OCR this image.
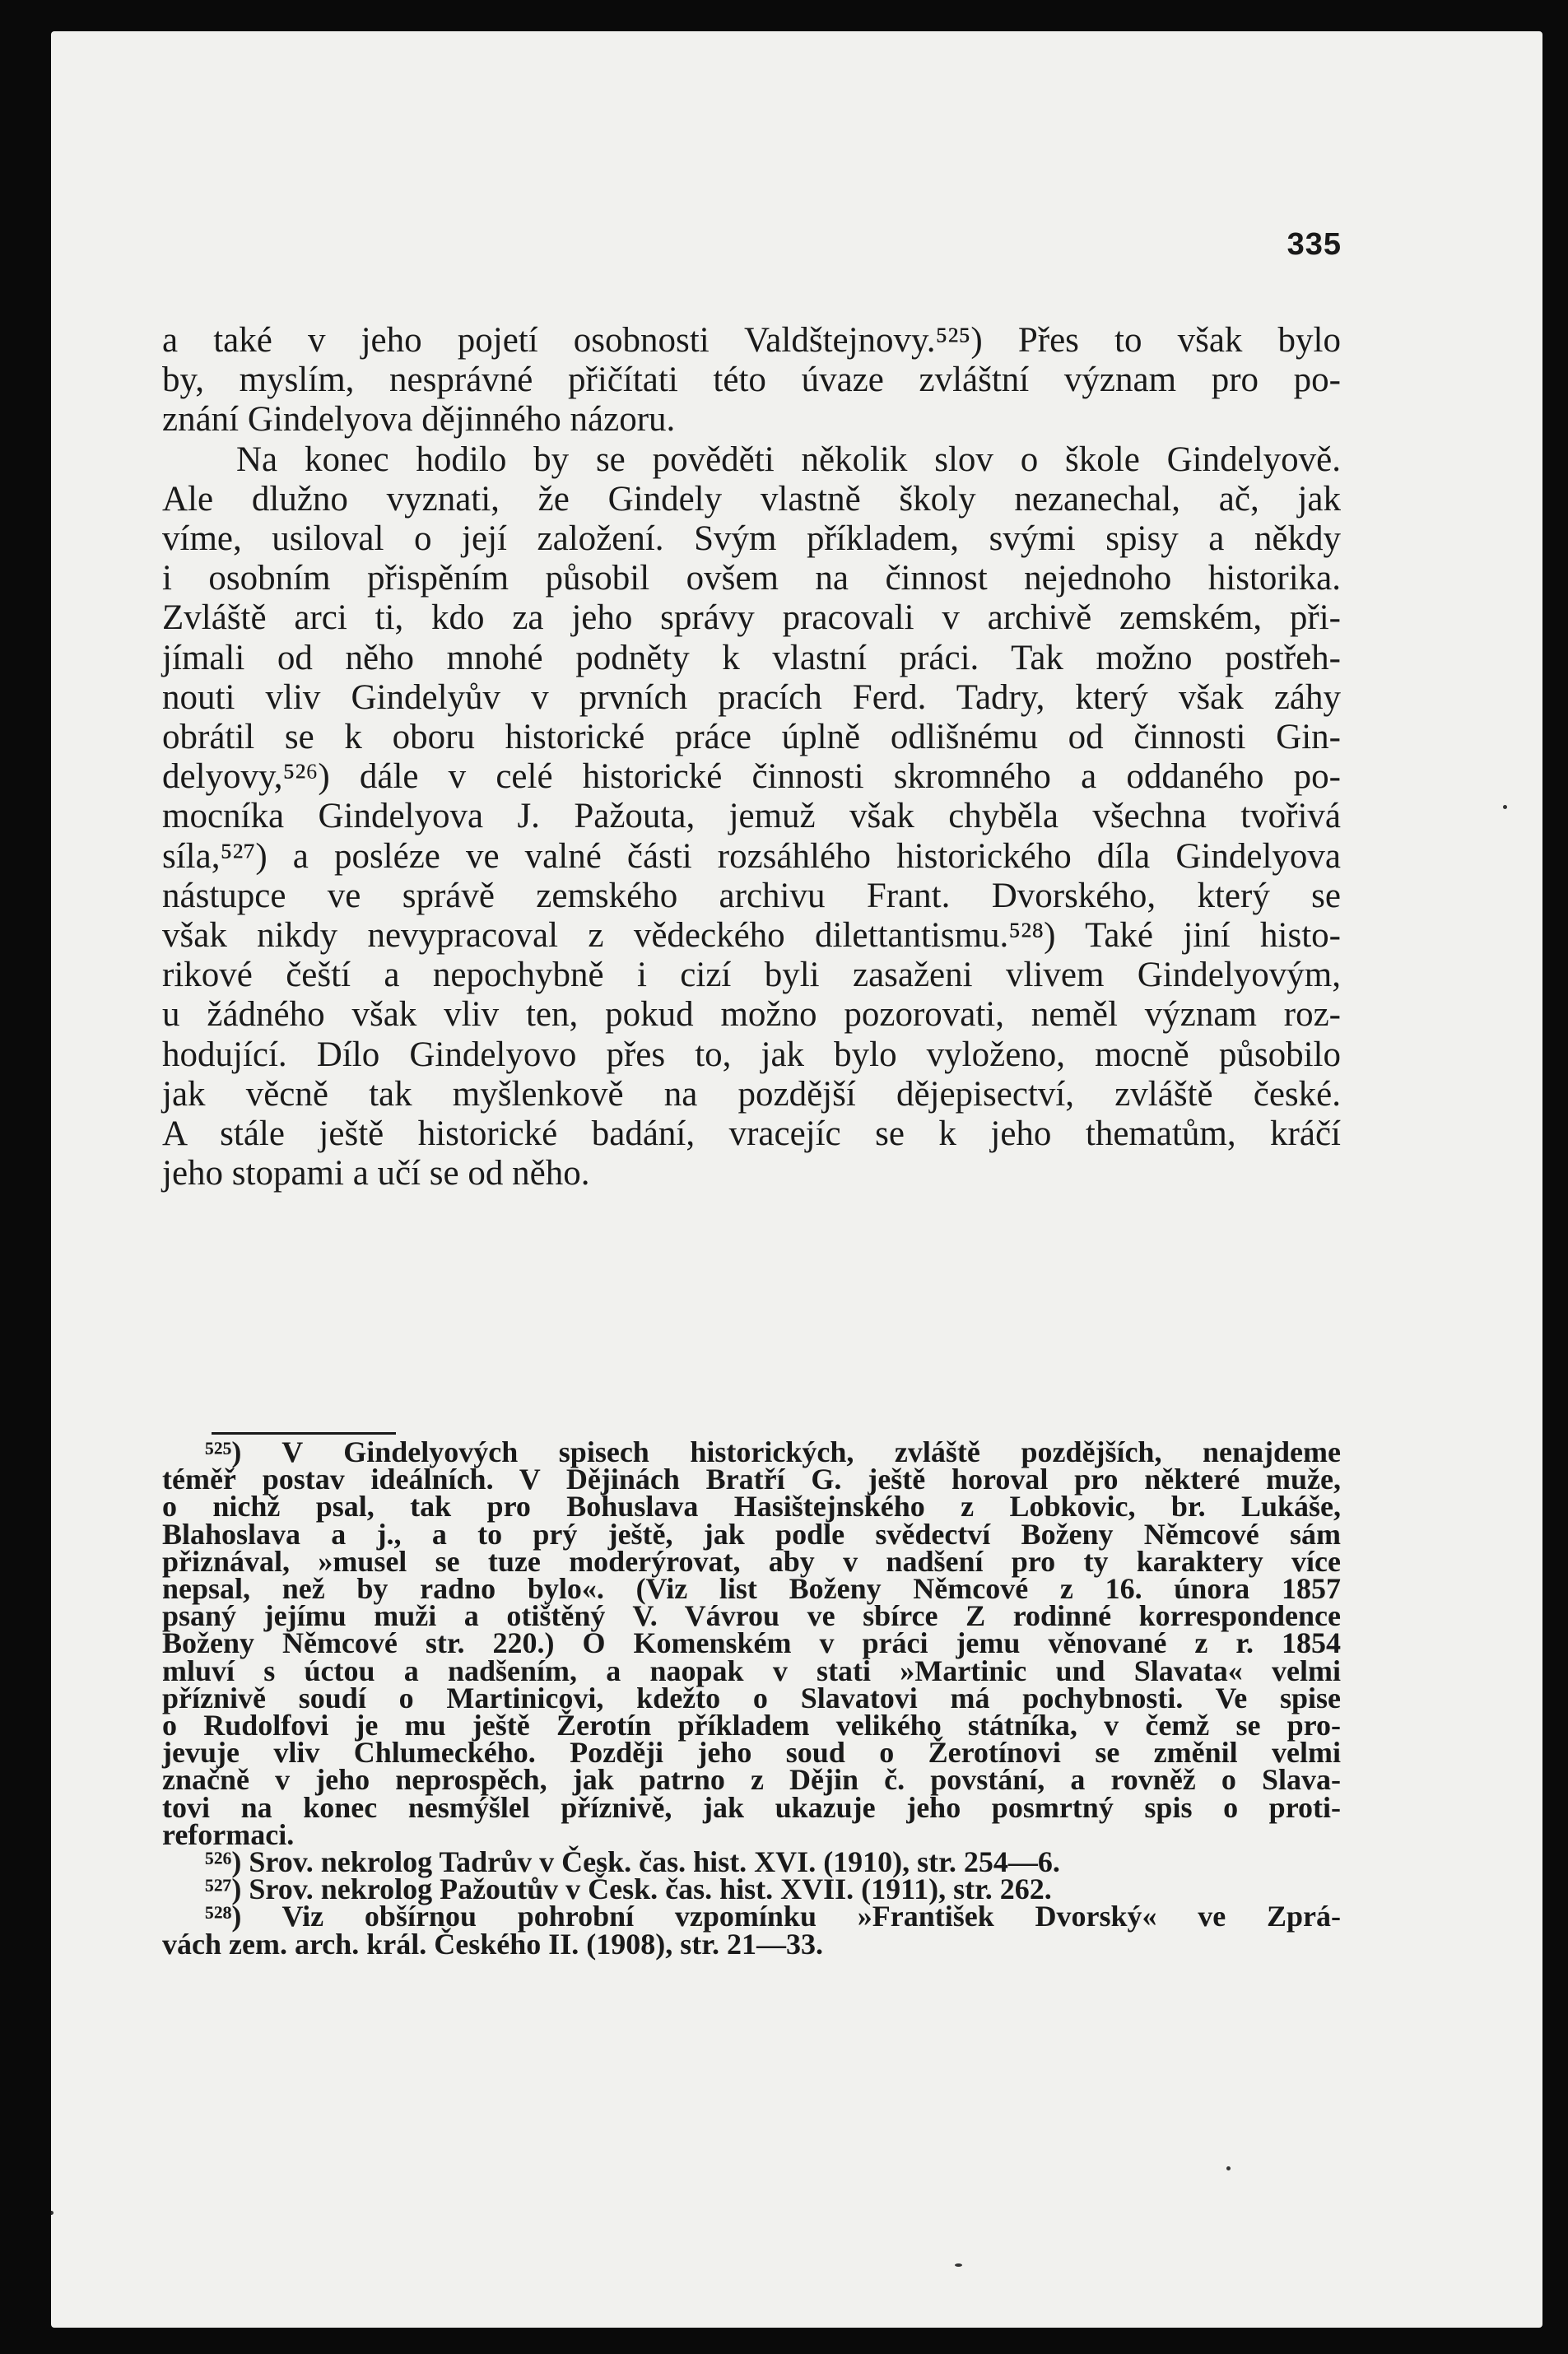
335
a také v jeho pojetí osobnosti Valdštejnovy.⁵²⁵) Přes to však bylo
by, myslím, nesprávné přičítati této úvaze zvláštní význam pro po-
znání Gindelyova dějinného názoru.
Na konec hodilo by se pověděti několik slov o škole Gindelyově.
Ale dlužno vyznati, že Gindely vlastně školy nezanechal, ač, jak
víme, usiloval o její založení. Svým příkladem, svými spisy a někdy
i osobním přispěním působil ovšem na činnost nejednoho historika.
Zvláště arci ti, kdo za jeho správy pracovali v archivě zemském, při-
jímali od něho mnohé podněty k vlastní práci. Tak možno postřeh-
nouti vliv Gindelyův v prvních pracích Ferd. Tadry, který však záhy
obrátil se k oboru historické práce úplně odlišnému od činnosti Gin-
delyovy,⁵²⁶) dále v celé historické činnosti skromného a oddaného po-
mocníka Gindelyova J. Pažouta, jemuž však chyběla všechna tvořivá
síla,⁵²⁷) a posléze ve valné části rozsáhlého historického díla Gindelyova
nástupce ve správě zemského archivu Frant. Dvorského, který se
však nikdy nevypracoval z vědeckého dilettantismu.⁵²⁸) Také jiní histo-
rikové čeští a nepochybně i cizí byli zasaženi vlivem Gindelyovým,
u žádného však vliv ten, pokud možno pozorovati, neměl význam roz-
hodující. Dílo Gindelyovo přes to, jak bylo vyloženo, mocně působilo
jak věcně tak myšlenkově na pozdější dějepisectví, zvláště české.
A stále ještě historické badání, vracejíc se k jeho thematům, kráčí
jeho stopami a učí se od něho.
⁵²⁵) V Gindelyových spisech historických, zvláště pozdějších, nenajdeme
téměř postav ideálních. V Dějinách Bratří G. ještě horoval pro některé muže,
o nichž psal, tak pro Bohuslava Hasištejnského z Lobkovic, br. Lukáše,
Blahoslava a j., a to prý ještě, jak podle svědectví Boženy Němcové sám
přiznával, »musel se tuze moderýrovat, aby v nadšení pro ty karaktery více
nepsal, než by radno bylo«. (Viz list Boženy Němcové z 16. února 1857
psaný jejímu muži a otištěný V. Vávrou ve sbírce Z rodinné korrespondence
Boženy Němcové str. 220.) O Komenském v práci jemu věnované z r. 1854
mluví s úctou a nadšením, a naopak v stati »Martinic und Slavata« velmi
příznivě soudí o Martinicovi, kdežto o Slavatovi má pochybnosti. Ve spise
o Rudolfovi je mu ještě Žerotín příkladem velikého státníka, v čemž se pro-
jevuje vliv Chlumeckého. Později jeho soud o Žerotínovi se změnil velmi
značně v jeho neprospěch, jak patrno z Dějin č. povstání, a rovněž o Slava-
tovi na konec nesmýšlel příznivě, jak ukazuje jeho posmrtný spis o proti-
reformaci.
⁵²⁶) Srov. nekrolog Tadrův v Česk. čas. hist. XVI. (1910), str. 254—6.
⁵²⁷) Srov. nekrolog Pažoutův v Česk. čas. hist. XVII. (1911), str. 262.
⁵²⁸) Viz obšírnou pohrobní vzpomínku »František Dvorský« ve Zprá-
vách zem. arch. král. Českého II. (1908), str. 21—33.
